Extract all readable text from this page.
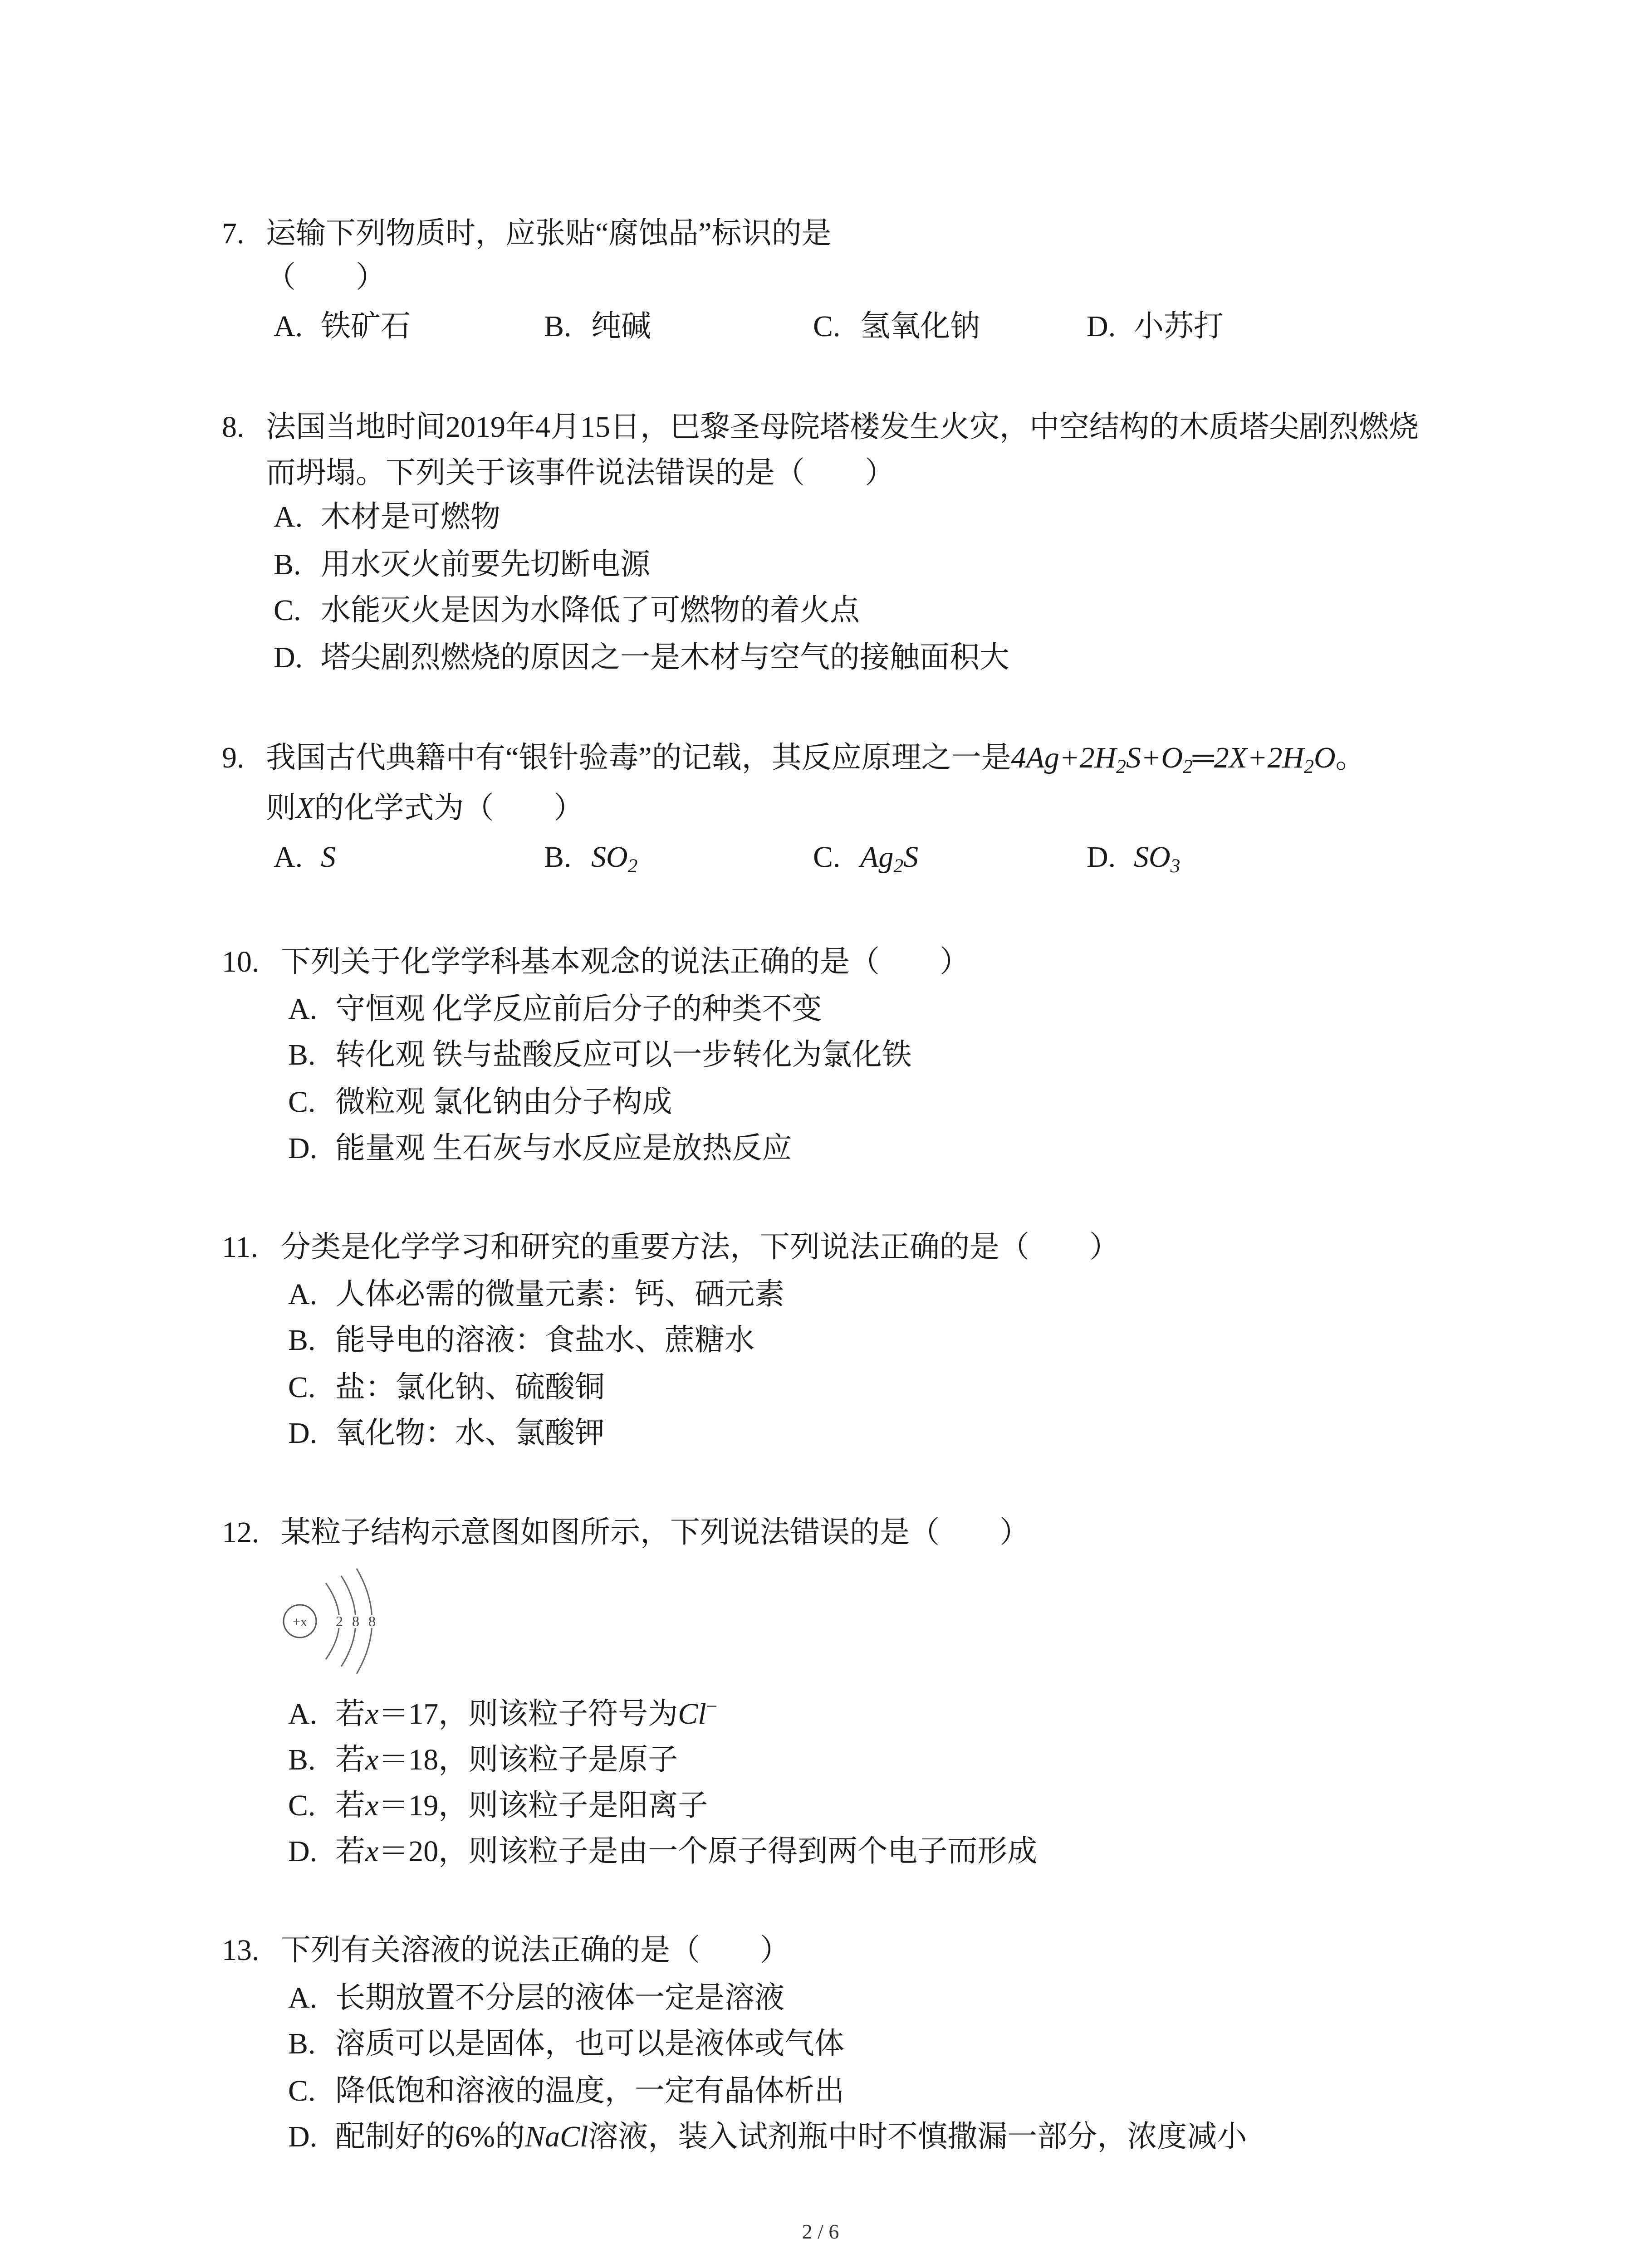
7. 运输下列物质时，应张贴“腐蚀品”标识的是
（　　）
A. 铁矿石	B. 纯碱	C. 氢氧化钠	D. 小苏打
8. 法国当地时间2019年4月15日，巴黎圣母院塔楼发生火灾，中空结构的木质塔尖剧烈燃烧
而坍塌。下列关于该事件说法错误的是（　　）
A. 木材是可燃物
B. 用水灭火前要先切断电源
C. 水能灭火是因为水降低了可燃物的着火点
D. 塔尖剧烈燃烧的原因之一是木材与空气的接触面积大
9. 我国古代典籍中有“银针验毒”的记载，其反应原理之一是$4Ag+2H_2S+O_2═2X+2H_2O$。
则X的化学式为（　　）
A. S	B. $SO_2$	C. $Ag_2S$	D. $SO_3$
10. 下列关于化学学科基本观念的说法正确的是（　　）
A. 守恒观 化学反应前后分子的种类不变
B. 转化观 铁与盐酸反应可以一步转化为氯化铁
C. 微粒观 氯化钠由分子构成
D. 能量观 生石灰与水反应是放热反应
11. 分类是化学学习和研究的重要方法，下列说法正确的是（　　）
A. 人体必需的微量元素：钙、硒元素
B. 能导电的溶液：食盐水、蔗糖水
C. 盐：氯化钠、硫酸铜
D. 氧化物：水、氯酸钾
12. 某粒子结构示意图如图所示，下列说法错误的是（　　）
+x 2 8 8
A. 若x＝17，则该粒子符号为Cl−
B. 若x＝18，则该粒子是原子
C. 若x＝19，则该粒子是阳离子
D. 若x＝20，则该粒子是由一个原子得到两个电子而形成
13. 下列有关溶液的说法正确的是（　　）
A. 长期放置不分层的液体一定是溶液
B. 溶质可以是固体，也可以是液体或气体
C. 降低饱和溶液的温度，一定有晶体析出
D. 配制好的6%的NaCl溶液，装入试剂瓶中时不慎撒漏一部分，浓度减小
2 / 6
